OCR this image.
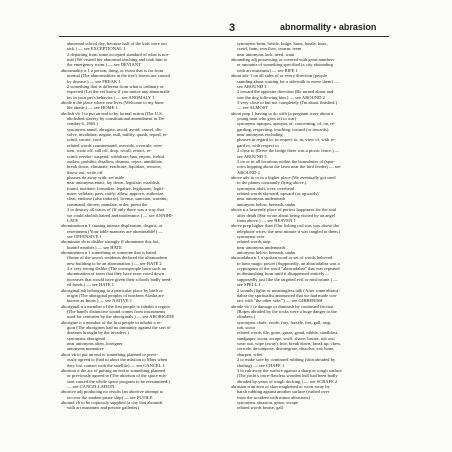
3	abnormality • abrasion
abnormal school day, because half of the kids were out
sick.) — see EXCEPTIONAL 1
2 departing from some accepted standard of what is nor-
mal (We visited her abnormal teaching and took him to
the emergency room.) — see DEVIANT
abnormality n 1 a person, thing, or event that is far from
normal (The abnormalities in the tree's leaves are caused
by disease.) — see FREAK 1
2 something that is different from what is ordinary or
expected (Let the vet know if you notice any abnormalit-
ies in your pet's behavior.) — see ANOMALY 1
abode n the place where one lives (Welcome to my hum-
ble abode.) — see HOME 1
abolish vb 1 to put an end to by formal action (The U.S.
abolished slavery by constitutional amendment in De-
cember 6, 1865.)
synonyms annul, abrogate, avoid, avoid, cancel, dis-
solve, invalidate, negate, null, nullify, quash, repeal, re-
scind, vacate, void
related words countermand, override, overrule, over-
turn, write off; call off, drop, recall; retract, re-
scind; revoke; suspend, withdraw; ban, enjoin, forbid,
outlaw, prohibit; disallow, dismiss, reject; annihilate,
break down, eliminate, eradicate, liquidate, remove;
throw out; write off
phrases do away with; set aside
near antonyms enact, lay down, legislate; establish,
found, institute; formalize, legalize, legitimate, legiti-
mize; validate; pass, ratify; allow, approve, authorize,
clear, endorse (also indorse), license, sanction, warrant;
command, decree, mandate, order, prescribe
2 to destroy all traces of (If only there was a way that
we could abolish hatred and intolerance.) — see ANNIHI-
LATE
abomination n 1 causing intense displeasure, disgust, or
resentment (Your table manners are abominable!) —
see OFFENSIVE 1
abominate vb to dislike strongly (I abominate this hot,
humid weather.) — see HATE
abomination n 1 something or someone that is hated
(Some of the town's residents declared the ultramodern
new building to be an abomination.) — see HATE 2
2 a very strong dislike (The townspeople have such an
abomination of taxes that they have even voted down
increases that would have given their schools badly need-
ed funds.) — see HATE 1
aboriginal adj belonging to a particular place by birth or
origin (The aboriginal peoples of northern Alaska are
known as Inuits.) — see NATIVE 1
aboriginal n a member of the first people to inhabit a region
(The band's distinctive sound comes from instruments
used for centuries by the aboriginals.) — see ABORIGINE
aborigine n a member of the first people to inhabit a re-
gion (The aborigines had no immunity against the sort of
diseases brought by the invaders.)
synonyms aboriginal
near antonyms alien, foreigner
antonyms nonnative
abort vb to put an end to something planned or previ-
ously agreed to (had to abort the mission to Mars when
they lost contact with the satellite) — see CANCEL 1
abortion n the act of putting an end to something planned
or previously agreed to (The abortion of the space mis-
sion caused the whole space program to be reexamined.)
— see CANCELLATION
abortive adj producing no results (an abortive attempt to
recover the sunken pirate ship) — see FUTILE
abound vb to be copiously supplied (a city that abounds
with art museums and private galleries)
synonyms brim, bristle, bulge, burst, bustle, buzz,
crawl, hum, overflow, swarm, teem
near antonyms lack, need, want
abounding adj possessing or covered with great numbers
or amounts of something specified (a city abounding
with art museums) — see RIFE 1
about adv 1 on all sides of or every direction (people
standing about waiting for a sidewalk to move them) —
see AROUND 1
2 toward the opposite direction (He turned about and
saw the dog following him.) — see AROUND 2
3 very close to but not completely (I'm about finished.)
— see ALMOST
about prep 1 having to do with (a pregnant story about a
young man who goes off to war)
synonyms apropos, apropos of, concerning, of, on, re-
garding, respecting, touching, toward (or towards)
near antonyms excluding
phrases in regard to, in respect to, in, view of, with re-
gard to, with respect to
2 close to (Drive the hedge there was a picnic fence.) —
see AROUND 3
3 on or in all locations within the boundaries of (spar-
rows hopping about the lawn near the bird feeder) — see
AROUND 2
above adv to or in a higher place (We eventually got used
to the planes constantly flying above.)
synonyms aloft, over, overhead
related words skyward, upward (or upwards)
near antonyms underneath
antonyms below, beneath, under
above n a heavenly place of perfect happiness for the soul
after death (She wrote about being visited by an angel
from above.) — see HEAVEN 1
above prep higher than (Our fishing rod was way above the
telephone wires; the next minute it was tangled in them.)
synonyms over
related words atop
near antonyms underneath
antonyms below, beneath, under
abracadabra n 1 a spoken word or set of words believed
to have magic power (Supposedly, an abracadabra was a
cryptogram of the word "abracadabra" that was repeated
in diminishing form until it disappeared entirely—
supposedly just like the targeted evil or misfortune.) —
see SPELL 1
2 sounds (lights or meaningless talk (After some abraca-
dabra the spiritualist announced that we had made con-
tact with "the other side.") — see GIBBERISH
abrade vb 1 to damage or diminish by continued friction
(Ropes abraded by the rocks were a huge danger to the
climbers.)
synonyms chafe, erode, fray, frazzle, fret, gall, rasp,
rub, scour
related words file, grate, graze, grind, nibble, sandblast,
sandpaper, scour, scrape, scuff, shave; bruise, rub out;
wear out, wipe (away), bite, break down, break up, chew,
corrode, decompose, disintegrate, dissolve, eat; hone,
sharpen, whet
2 to make sore by continued rubbing (skin abraded by
chafing) — see CHAFE 1
3 to rub away the surface against a sharp or rough surface
(The yacht's once-flawless wooden hull had been badly
abraded by years of rough docking.) — see SCRAPE 2
abrasion n an area of skin roughened or worn away by
harsh rubbing against another surface (rushed over
from the accident with minor abrasions)
synonyms abrasion, graze, scrape
related words bruise, gall
